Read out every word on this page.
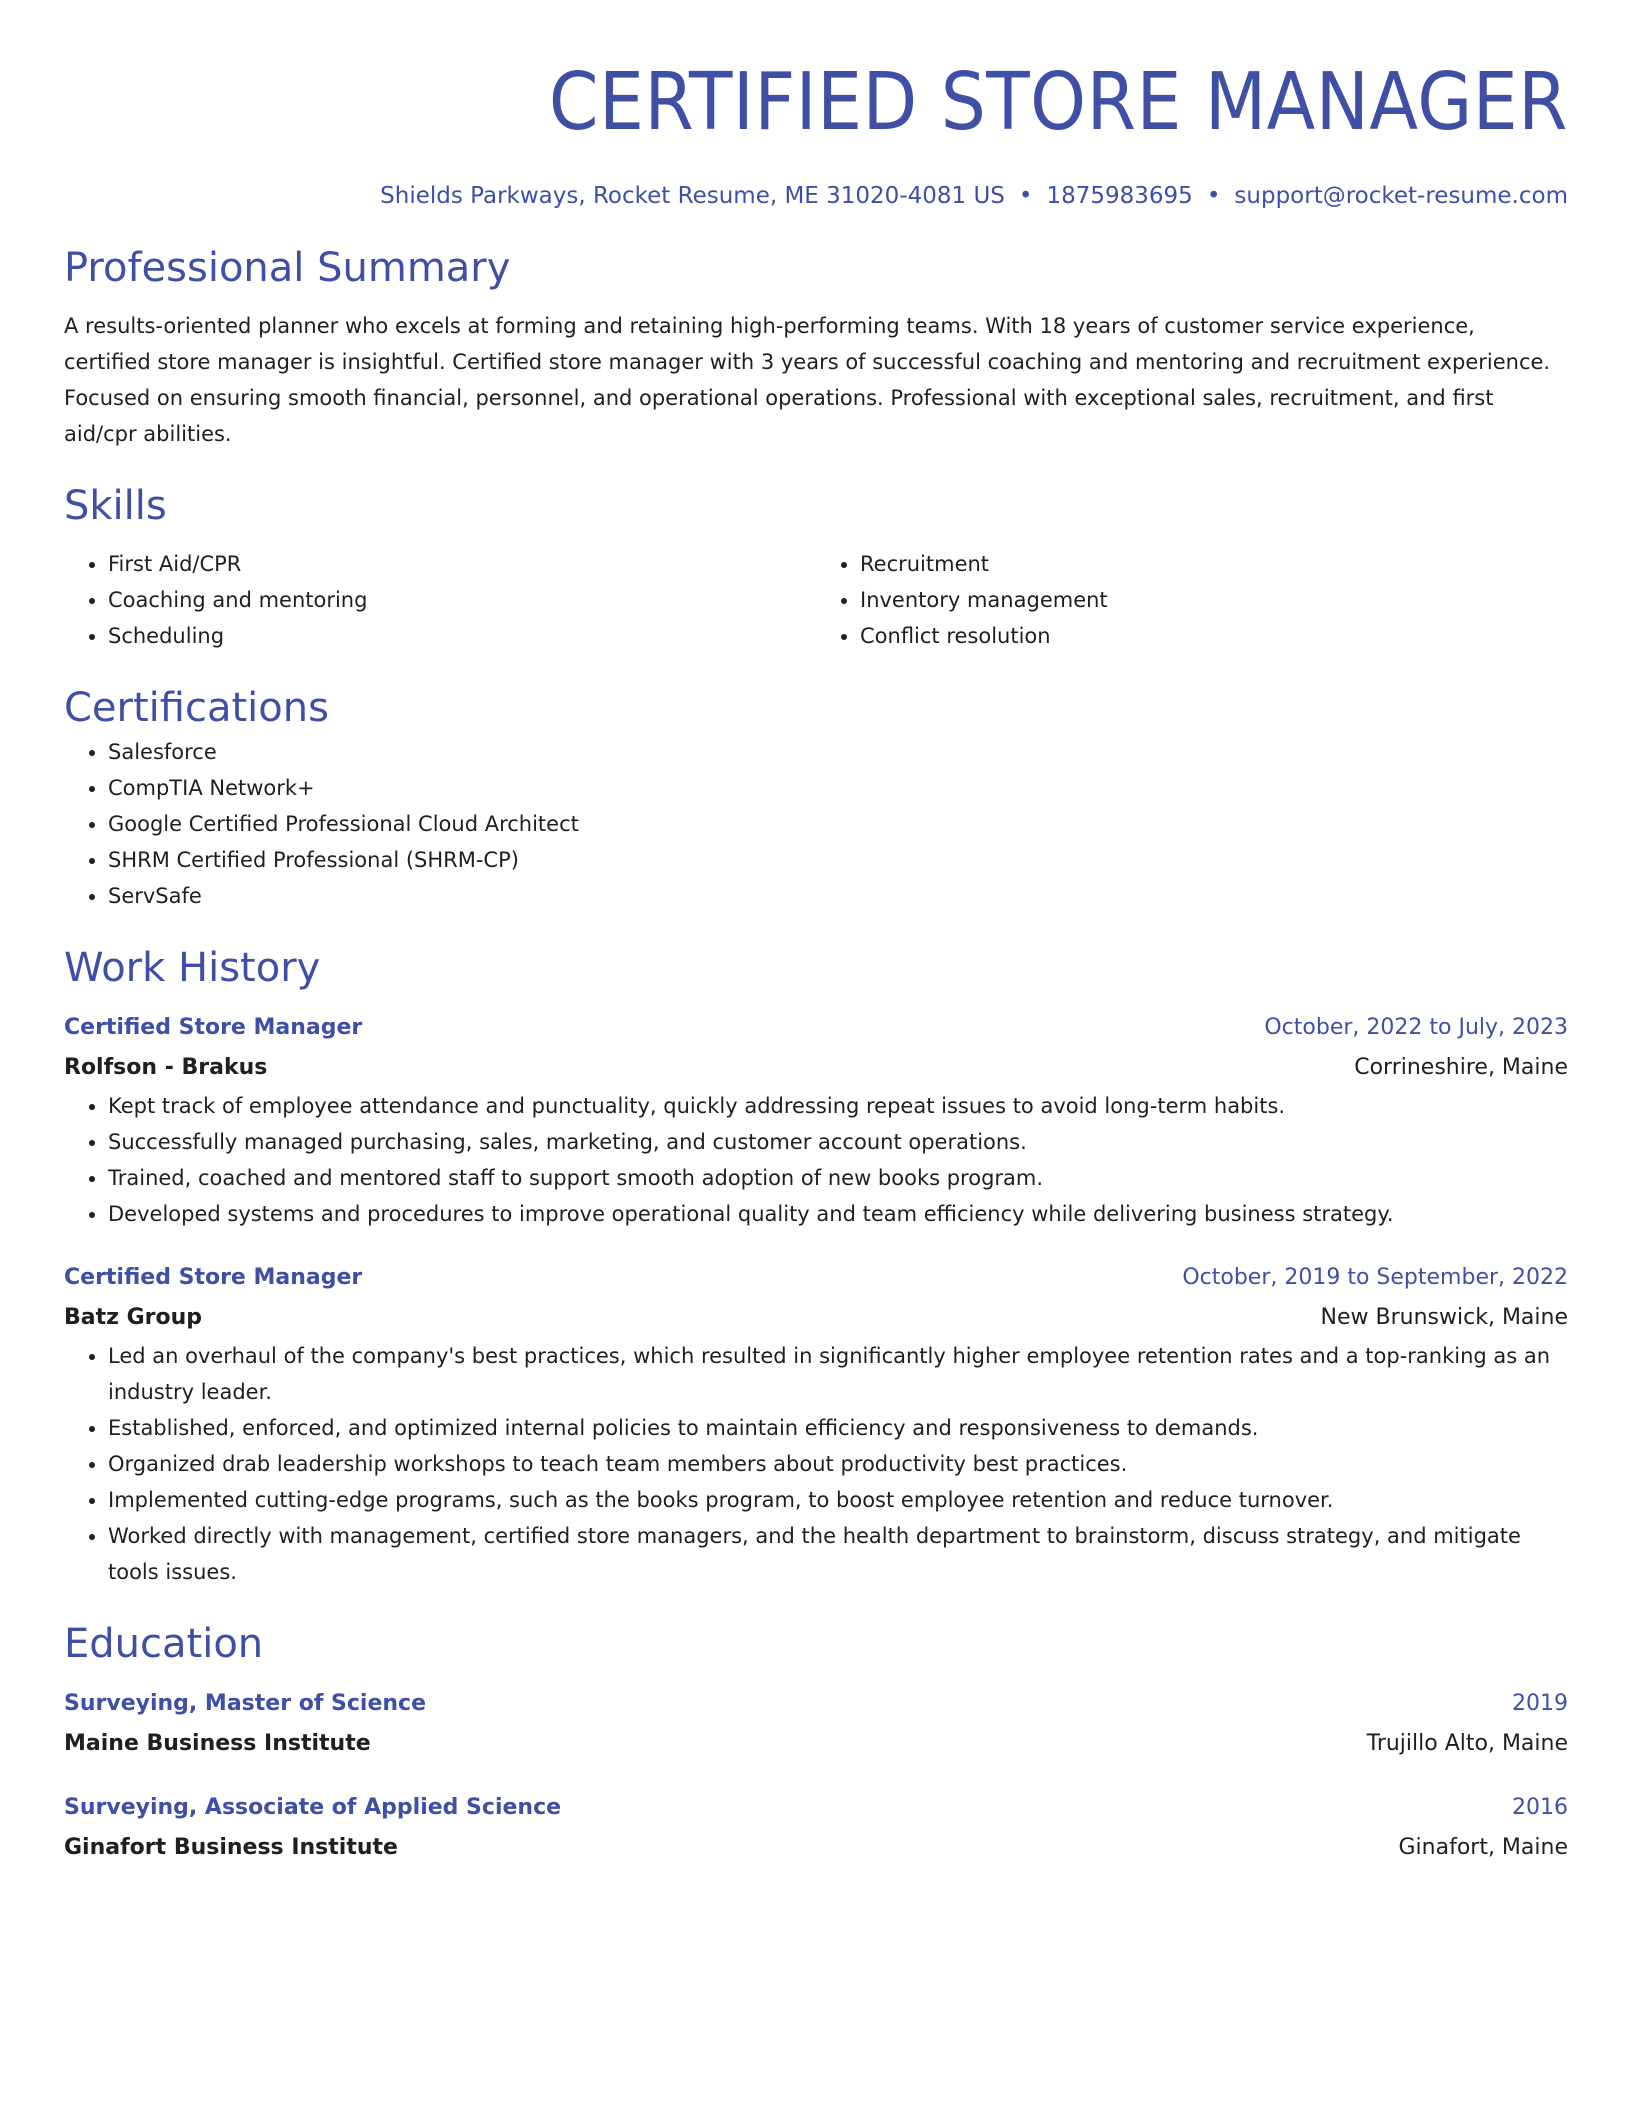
CERTIFIED STORE MANAGER
Shields Parkways, Rocket Resume, ME 31020-4081 US • 1875983695 • support@rocket-resume.com
Professional Summary

A results-oriented planner who excels at forming and retaining high-performing teams. With 18 years of customer service experience, certified store manager is insightful. Certified store manager with 3 years of successful coaching and mentoring and recruitment experience. Focused on ensuring smooth financial, personnel, and operational operations. Professional with exceptional sales, recruitment, and first aid/cpr abilities.

Skills
• First Aid/CPR
• Coaching and mentoring
• Scheduling
• Recruitment
• Inventory management
• Conflict resolution
Certifications
• Salesforce
• CompTIA Network+
• Google Certified Professional Cloud Architect
• SHRM Certified Professional (SHRM-CP)
• ServSafe
Work History
Certified Store Manager	October, 2022 to July, 2023
Rolfson - Brakus	Corrineshire, Maine
• Kept track of employee attendance and punctuality, quickly addressing repeat issues to avoid long-term habits.
• Successfully managed purchasing, sales, marketing, and customer account operations.
• Trained, coached and mentored staff to support smooth adoption of new books program.
• Developed systems and procedures to improve operational quality and team efficiency while delivering business strategy.
Certified Store Manager	October, 2019 to September, 2022
Batz Group	New Brunswick, Maine
• Led an overhaul of the company's best practices, which resulted in significantly higher employee retention rates and a top-ranking as an industry leader.
• Established, enforced, and optimized internal policies to maintain efficiency and responsiveness to demands.
• Organized drab leadership workshops to teach team members about productivity best practices.
• Implemented cutting-edge programs, such as the books program, to boost employee retention and reduce turnover.
• Worked directly with management, certified store managers, and the health department to brainstorm, discuss strategy, and mitigate tools issues.
Education
Surveying, Master of Science	2019
Maine Business Institute	Trujillo Alto, Maine
Surveying, Associate of Applied Science	2016
Ginafort Business Institute	Ginafort, Maine
